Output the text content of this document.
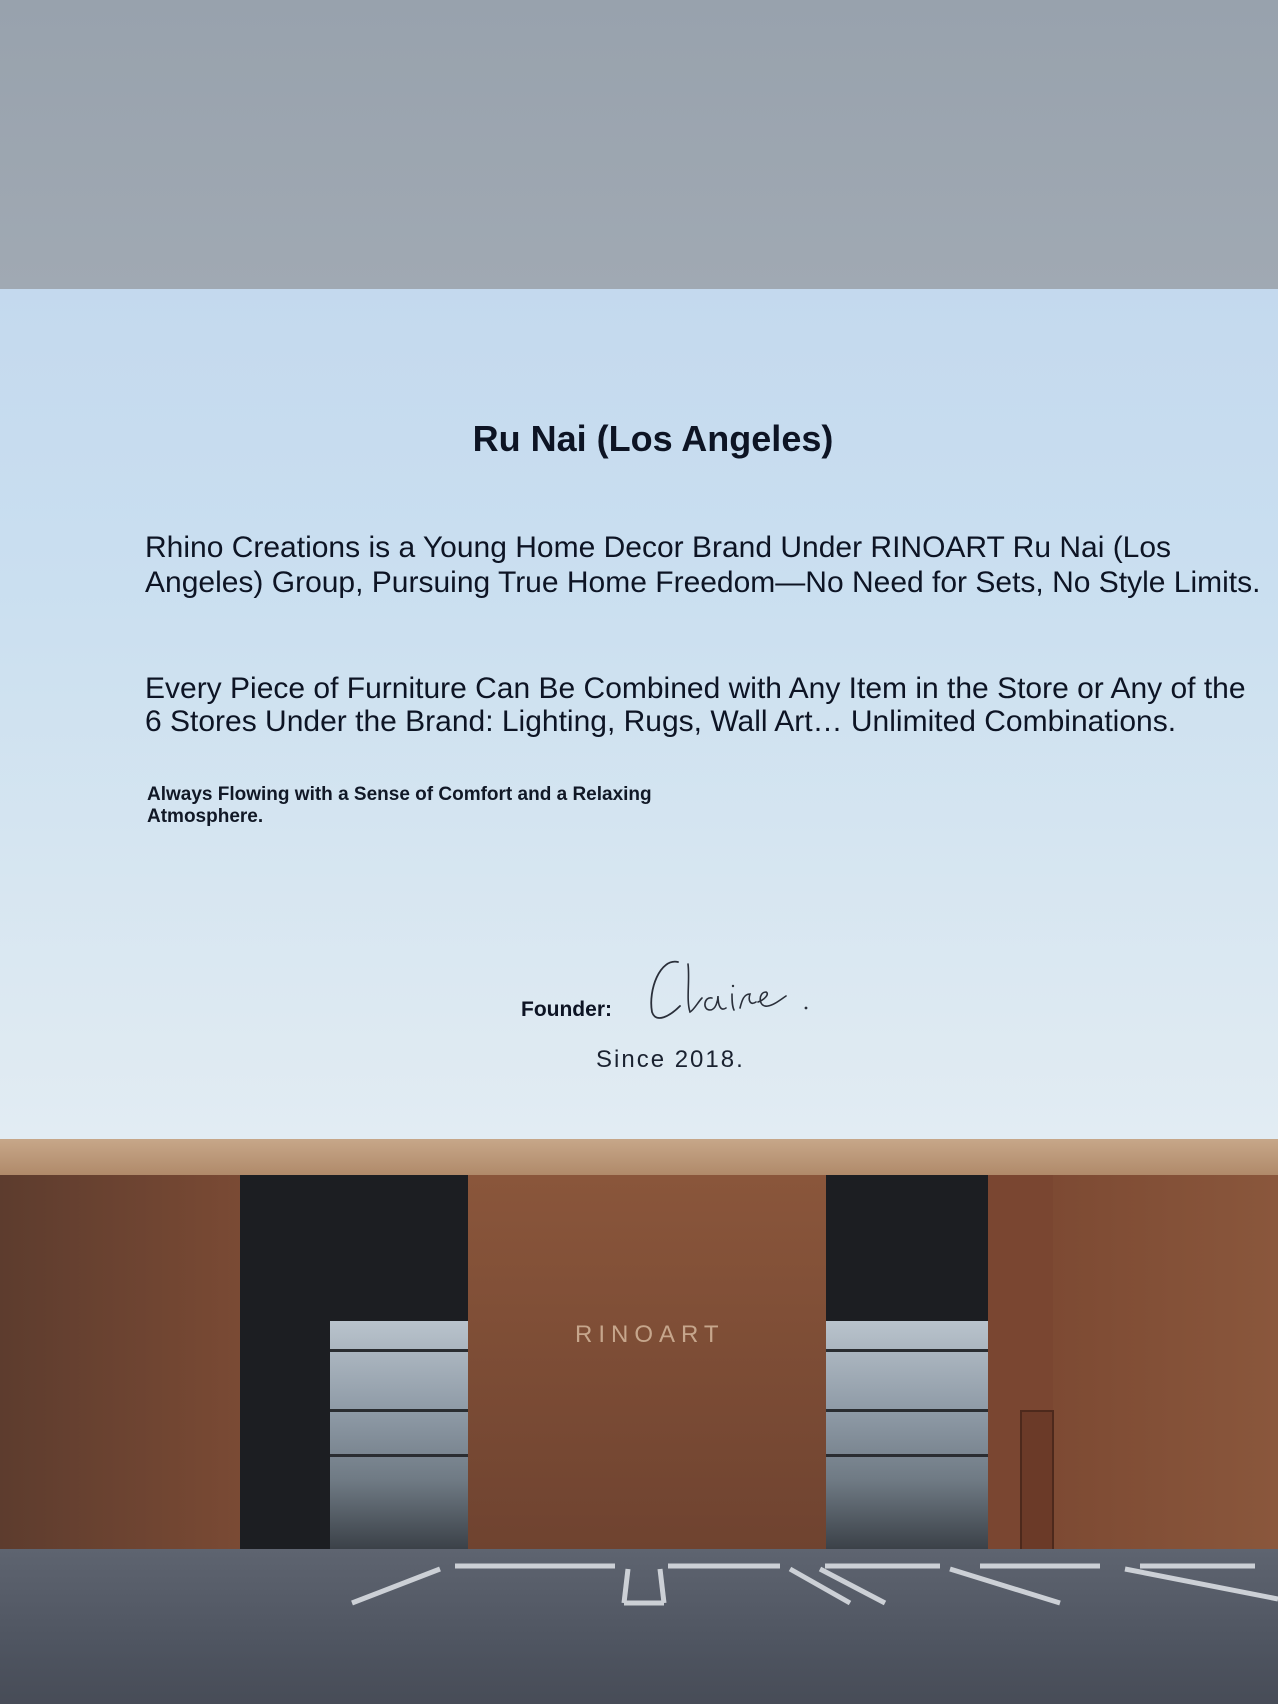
Ru Nai (Los Angeles)

Rhino Creations is a Young Home Decor Brand Under RINOART Ru Nai (Los Angeles) Group, Pursuing True Home Freedom—No Need for Sets, No Style Limits.

Every Piece of Furniture Can Be Combined with Any Item in the Store or Any of the 6 Stores Under the Brand: Lighting, Rugs, Wall Art… Unlimited Combinations.

Always Flowing with a Sense of Comfort and a Relaxing Atmosphere.

Founder:
Since 2018.
RINOART
